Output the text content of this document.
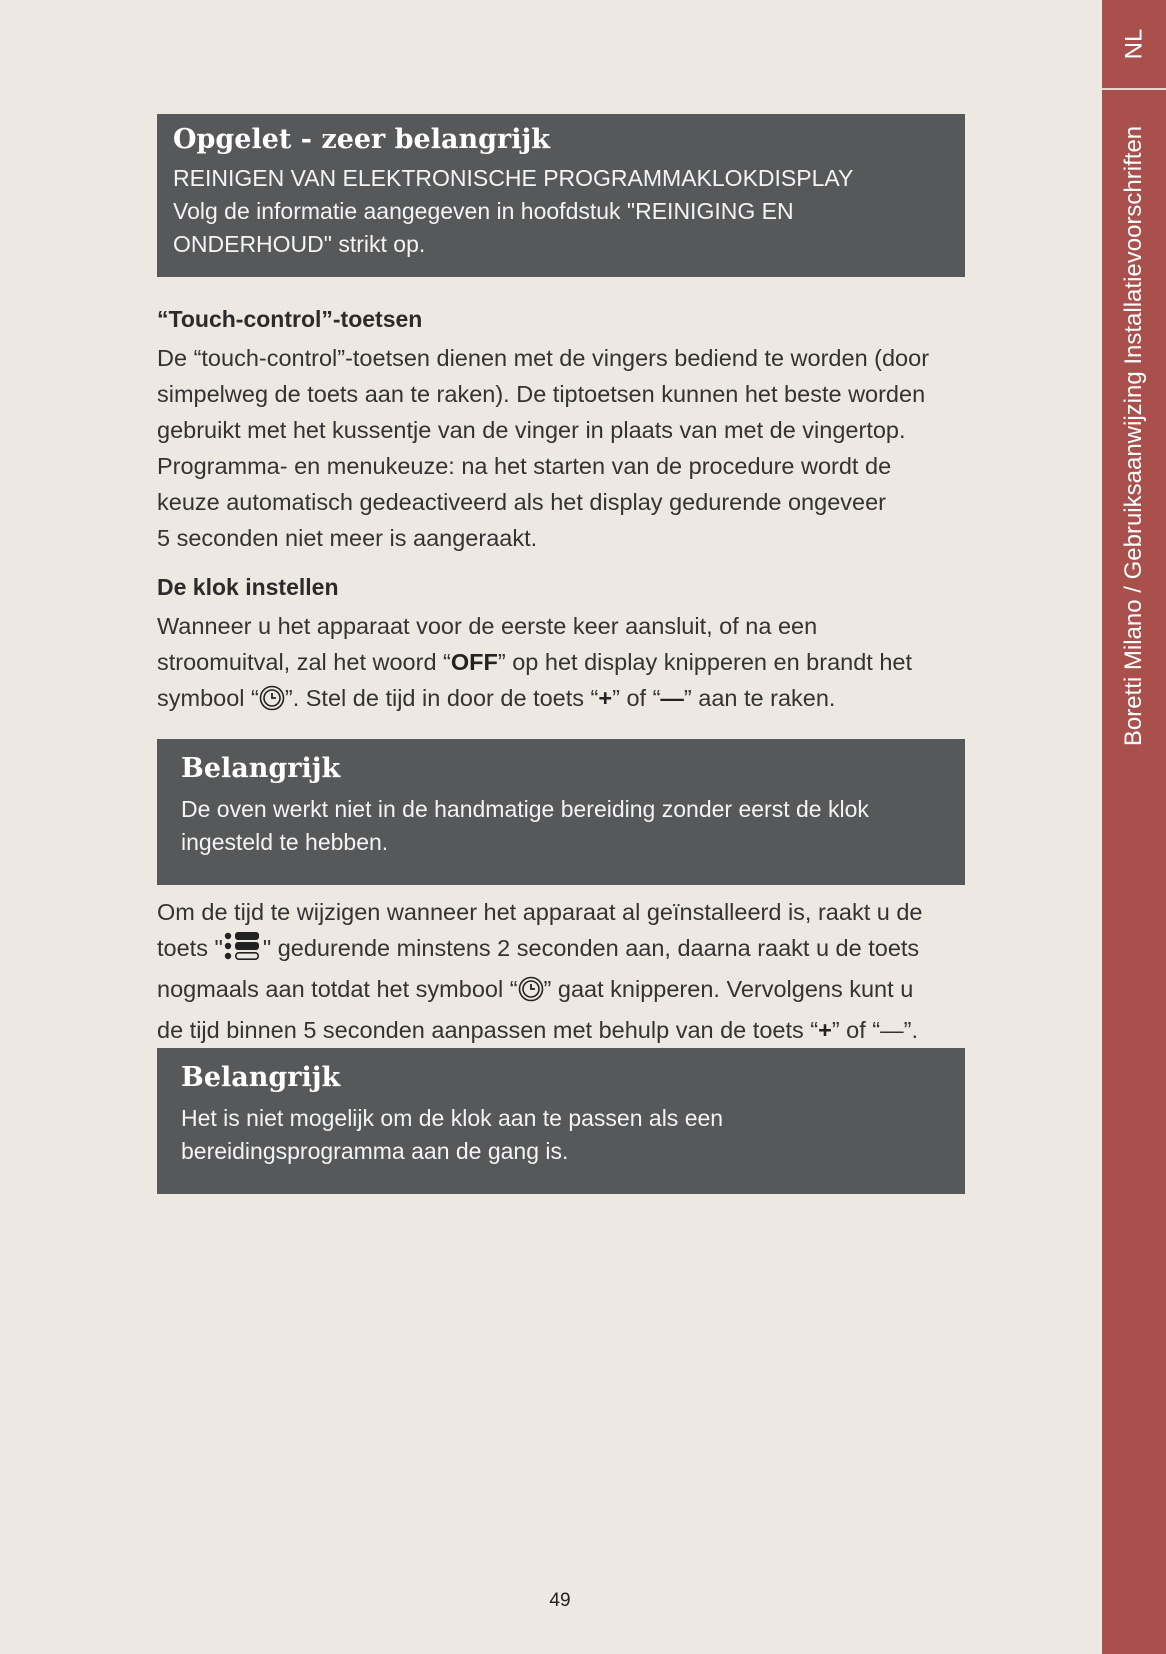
NL
Boretti Milano / Gebruiksaanwijzing Installatievoorschriften
Opgelet - zeer belangrijk
REINIGEN VAN ELEKTRONISCHE PROGRAMMAKLOKDISPLAY
Volg de informatie aangegeven in hoofdstuk "REINIGING EN
ONDERHOUD" strikt op.
“Touch-control”-toetsen
De “touch-control”-toetsen dienen met de vingers bediend te worden (door
simpelweg de toets aan te raken). De tiptoetsen kunnen het beste worden
gebruikt met het kussentje van de vinger in plaats van met de vingertop.
Programma- en menukeuze: na het starten van de procedure wordt de
keuze automatisch gedeactiveerd als het display gedurende ongeveer
5 seconden niet meer is aangeraakt.
De klok instellen
Wanneer u het apparaat voor de eerste keer aansluit, of na een
stroomuitval, zal het woord “OFF” op het display knipperen en brandt het
symbool “ ”. Stel de tijd in door de toets “+” of “—” aan te raken.
Belangrijk
De oven werkt niet in de handmatige bereiding zonder eerst de klok
ingesteld te hebben.
Om de tijd te wijzigen wanneer het apparaat al geïnstalleerd is, raakt u de
toets " " gedurende minstens 2 seconden aan, daarna raakt u de toets
nogmaals aan totdat het symbool “ ” gaat knipperen. Vervolgens kunt u
de tijd binnen 5 seconden aanpassen met behulp van de toets “+” of “—”.
Belangrijk
Het is niet mogelijk om de klok aan te passen als een
bereidingsprogramma aan de gang is.
49
